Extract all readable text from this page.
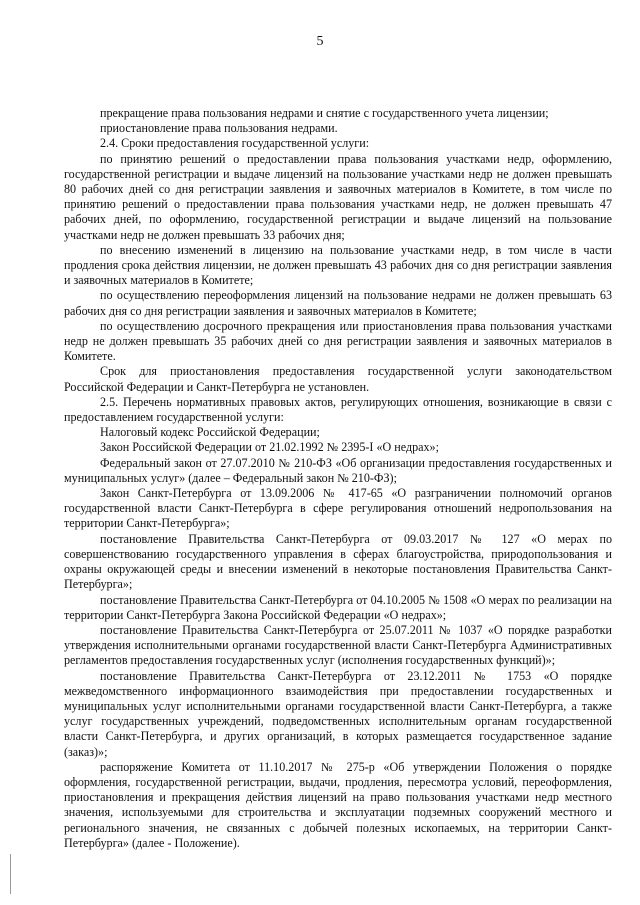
5

прекращение права пользования недрами и снятие с государственного учета лицензии;

приостановление права пользования недрами.

2.4. Сроки предоставления государственной услуги:

по принятию решений о предоставлении права пользования участками недр, оформлению, государственной регистрации и выдаче лицензий на пользование участками недр не должен превышать 80 рабочих дней со дня регистрации заявления и заявочных материалов в Комитете, в том числе по принятию решений о предоставлении права пользования участками недр, не должен превышать 47 рабочих дней, по оформлению, государственной регистрации и выдаче лицензий на пользование участками недр не должен превышать 33 рабочих дня;

по внесению изменений в лицензию на пользование участками недр, в том числе в части продления срока действия лицензии, не должен превышать 43 рабочих дня со дня регистрации заявления и заявочных материалов в Комитете;

по осуществлению переоформления лицензий на пользование недрами не должен превышать 63 рабочих дня со дня регистрации заявления и заявочных материалов в Комитете;

по осуществлению досрочного прекращения или приостановления права пользования участками недр не должен превышать 35 рабочих дней со дня регистрации заявления и заявочных материалов в Комитете.

Срок для приостановления предоставления государственной услуги законодательством Российской Федерации и Санкт-Петербурга не установлен.

2.5. Перечень нормативных правовых актов, регулирующих отношения, возникающие в связи с предоставлением государственной услуги:

Налоговый кодекс Российской Федерации;

Закон Российской Федерации от 21.02.1992 № 2395-I «О недрах»;

Федеральный закон от 27.07.2010 № 210-ФЗ «Об организации предоставления государственных и муниципальных услуг» (далее – Федеральный закон № 210-ФЗ);

Закон Санкт-Петербурга от 13.09.2006 № 417-65 «О разграничении полномочий органов государственной власти Санкт-Петербурга в сфере регулирования отношений недропользования на территории Санкт-Петербурга»;

постановление Правительства Санкт-Петербурга от 09.03.2017 № 127 «О мерах по совершенствованию государственного управления в сферах благоустройства, природопользования и охраны окружающей среды и внесении изменений в некоторые постановления Правительства Санкт-Петербурга»;

постановление Правительства Санкт-Петербурга от 04.10.2005 № 1508 «О мерах по реализации на территории Санкт-Петербурга Закона Российской Федерации «О недрах»;

постановление Правительства Санкт-Петербурга от 25.07.2011 № 1037 «О порядке разработки утверждения исполнительными органами государственной власти Санкт-Петербурга Административных регламентов предоставления государственных услуг (исполнения государственных функций)»;

постановление Правительства Санкт-Петербурга от 23.12.2011 № 1753 «О порядке межведомственного информационного взаимодействия при предоставлении государственных и муниципальных услуг исполнительными органами государственной власти Санкт-Петербурга, а также услуг государственных учреждений, подведомственных исполнительным органам государственной власти Санкт-Петербурга, и других организаций, в которых размещается государственное задание (заказ)»;

распоряжение Комитета от 11.10.2017 № 275-р «Об утверждении Положения о порядке оформления, государственной регистрации, выдачи, продления, пересмотра условий, переоформления, приостановления и прекращения действия лицензий на право пользования участками недр местного значения, используемыми для строительства и эксплуатации подземных сооружений местного и регионального значения, не связанных с добычей полезных ископаемых, на территории Санкт-Петербурга» (далее - Положение).
